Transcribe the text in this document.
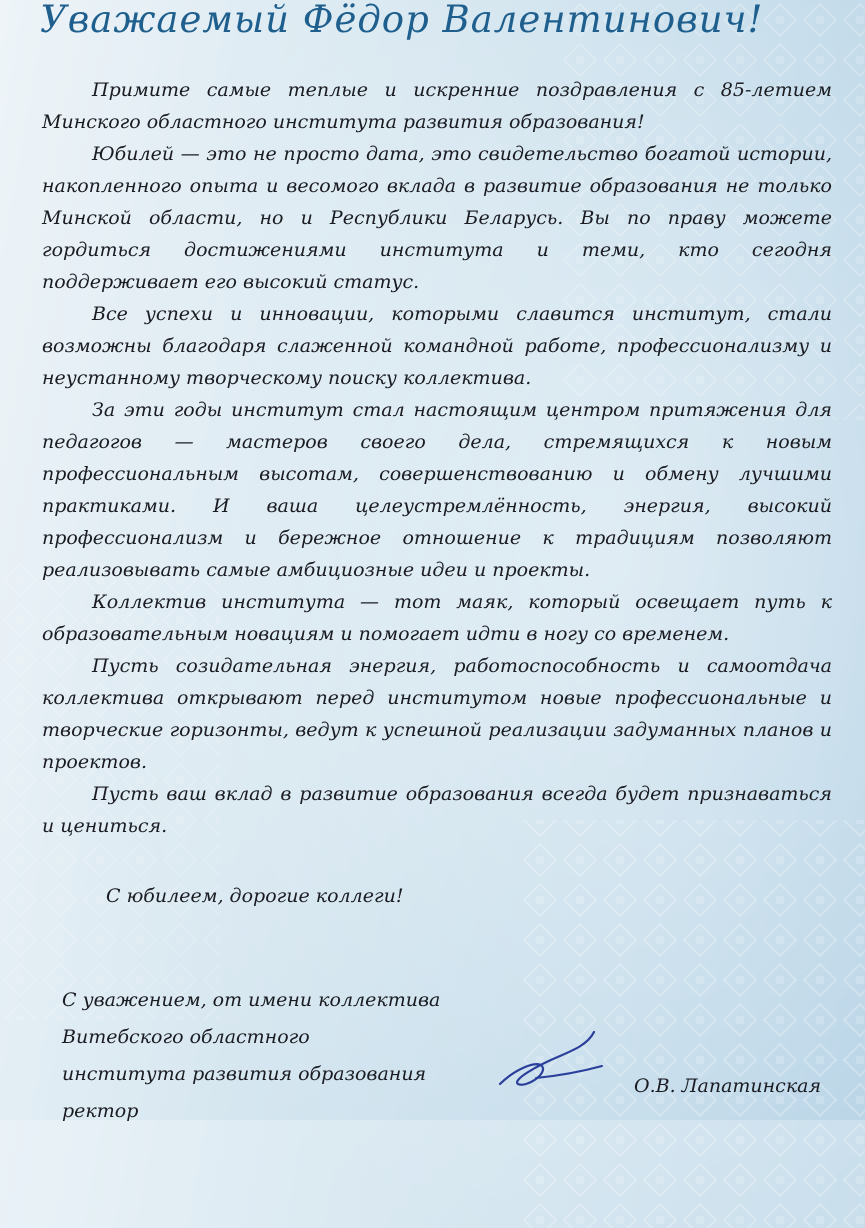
Уважаемый Фёдор Валентинович!

Примите самые теплые и искренние поздравления с 85-летием Минского областного института развития образования!

Юбилей — это не просто дата, это свидетельство богатой истории, накопленного опыта и весомого вклада в развитие образования не только Минской области, но и Республики Беларусь. Вы по праву можете гордиться достижениями института и теми, кто сегодня поддерживает его высокий статус.

Все успехи и инновации, которыми славится институт, стали возможны благодаря слаженной командной работе, профессионализму и неустанному творческому поиску коллектива.

За эти годы институт стал настоящим центром притяжения для педагогов — мастеров своего дела, стремящихся к новым профессиональным высотам, совершенствованию и обмену лучшими практиками. И ваша целеустремлённость, энергия, высокий профессионализм и бережное отношение к традициям позволяют реализовывать самые амбициозные идеи и проекты.

Коллектив института — тот маяк, который освещает путь к образовательным новациям и помогает идти в ногу со временем.

Пусть созидательная энергия, работоспособность и самоотдача коллектива открывают перед институтом новые профессиональные и творческие горизонты, ведут к успешной реализации задуманных планов и проектов.

Пусть ваш вклад в развитие образования всегда будет признаваться и цениться.

С юбилеем, дорогие коллеги!
С уважением, от имени коллектива
Витебского областного
института развития образования
ректор
О.В. Лапатинская
